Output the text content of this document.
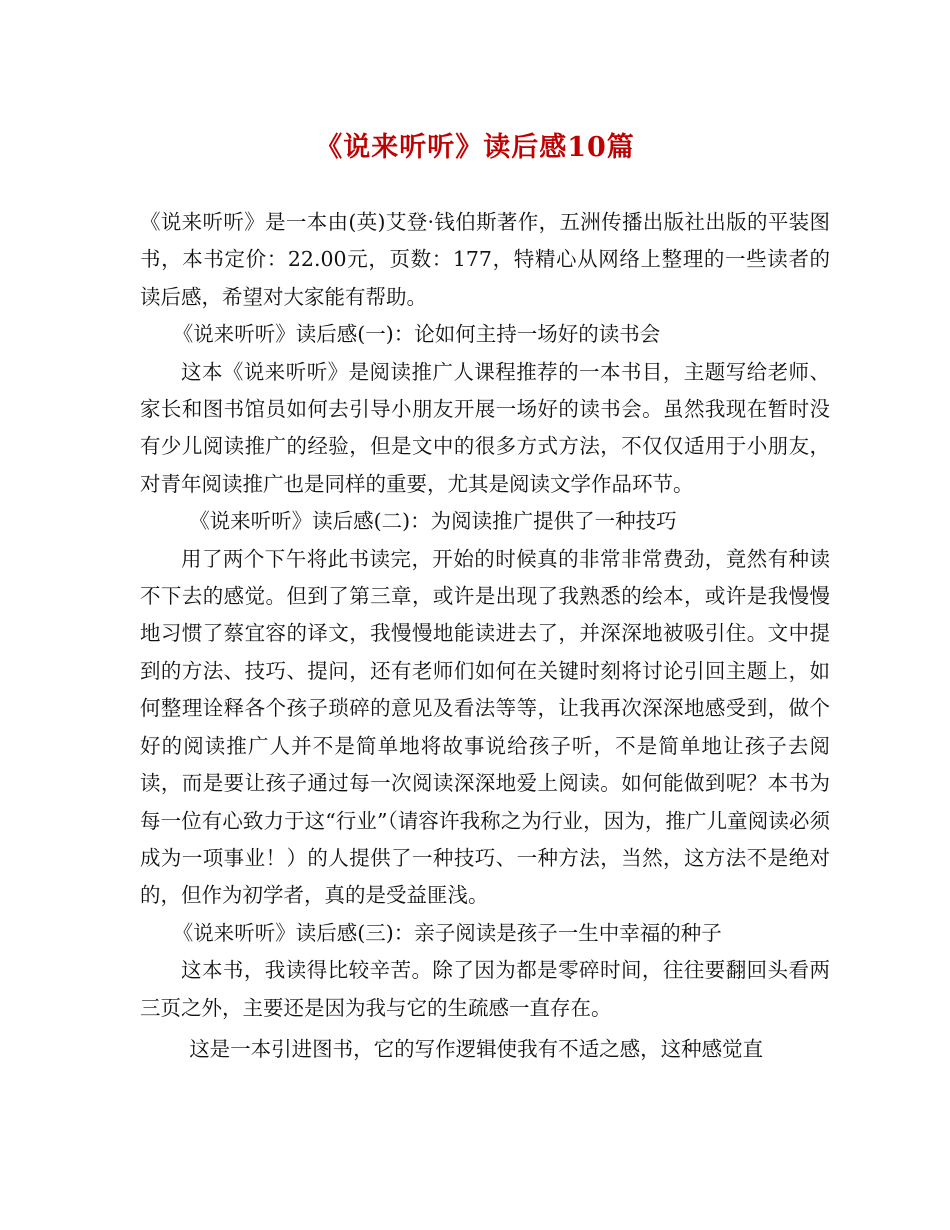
《说来听听》读后感10篇

《说来听听》是一本由(英)艾登·钱伯斯著作，五洲传播出版社出版的平装图书，本书定价：22.00元，页数：177，特精心从网络上整理的一些读者的读后感，希望对大家能有帮助。

《说来听听》读后感(一)：论如何主持一场好的读书会

这本《说来听听》是阅读推广人课程推荐的一本书目，主题写给老师、家长和图书馆员如何去引导小朋友开展一场好的读书会。虽然我现在暂时没有少儿阅读推广的经验，但是文中的很多方式方法，不仅仅适用于小朋友，对青年阅读推广也是同样的重要，尤其是阅读文学作品环节。

《说来听听》读后感(二)：为阅读推广提供了一种技巧

用了两个下午将此书读完，开始的时候真的非常非常费劲，竟然有种读不下去的感觉。但到了第三章，或许是出现了我熟悉的绘本，或许是我慢慢地习惯了蔡宜容的译文，我慢慢地能读进去了，并深深地被吸引住。文中提到的方法、技巧、提问，还有老师们如何在关键时刻将讨论引回主题上，如何整理诠释各个孩子琐碎的意见及看法等等，让我再次深深地感受到，做个好的阅读推广人并不是简单地将故事说给孩子听，不是简单地让孩子去阅读，而是要让孩子通过每一次阅读深深地爱上阅读。如何能做到呢？本书为每一位有心致力于这“行业”（请容许我称之为行业，因为，推广儿童阅读必须成为一项事业！）的人提供了一种技巧、一种方法，当然，这方法不是绝对的，但作为初学者，真的是受益匪浅。

《说来听听》读后感(三)：亲子阅读是孩子一生中幸福的种子

这本书，我读得比较辛苦。除了因为都是零碎时间，往往要翻回头看两三页之外，主要还是因为我与它的生疏感一直存在。

这是一本引进图书，它的写作逻辑使我有不适之感，这种感觉直
